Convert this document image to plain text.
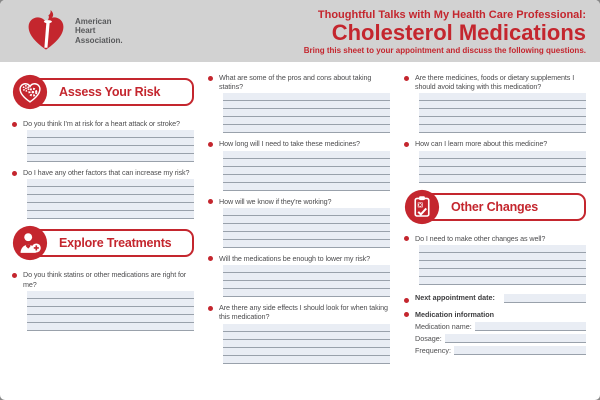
American
Heart
Association.
Thoughtful Talks with My Health Care Professional:
Cholesterol Medications
Bring this sheet to your appointment and discuss the following questions.
Assess Your Risk
Do you think I'm at risk for a heart attack or stroke?
Do I have any other factors that can increase my risk?
Explore Treatments
Do you think statins or other medications are right for me?
What are some of the pros and cons about taking statins?
How long will I need to take these medicines?
How will we know if they're working?
Will the medications be enough to lower my risk?
Are there any side effects I should look for when taking this medication?
Are there medicines, foods or dietary supplements I should avoid taking with this medication?
How can I learn more about this medicine?
Other Changes
Do I need to make other changes as well?
Next appointment date:
Medication information
Medication name:
Dosage:
Frequency:
